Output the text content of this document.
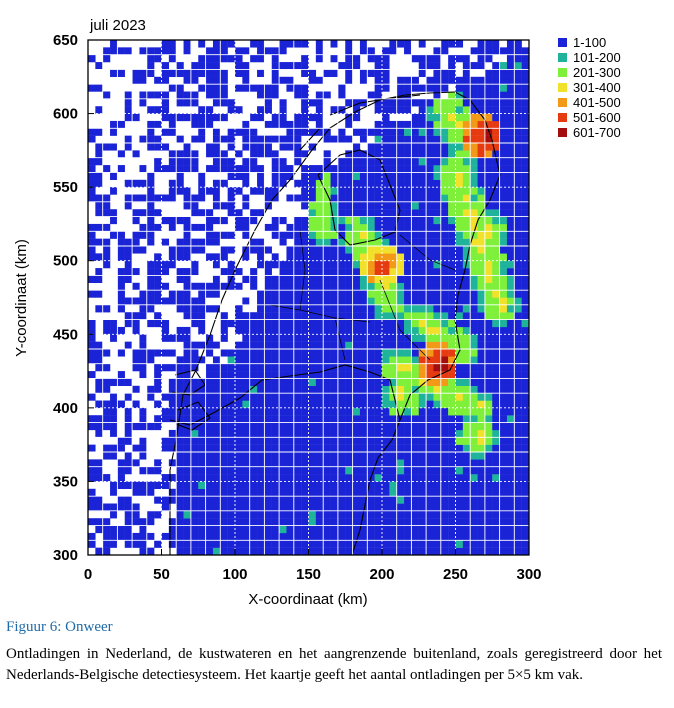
0	50	100	150	200	250	300
300
350
400
450
500
550
600
650
juli 2023
X-coordinaat (km)
Y-coordinaat (km)
1-100
101-200
201-300
301-400
401-500
501-600
601-700
Figuur 6: Onweer
Ontladingen in Nederland, de kustwateren en het aangrenzende buitenland, zoals geregistreerd door het Nederlands-Belgische detectiesysteem. Het kaartje geeft het aantal ontladingen per 5×5 km vak.
